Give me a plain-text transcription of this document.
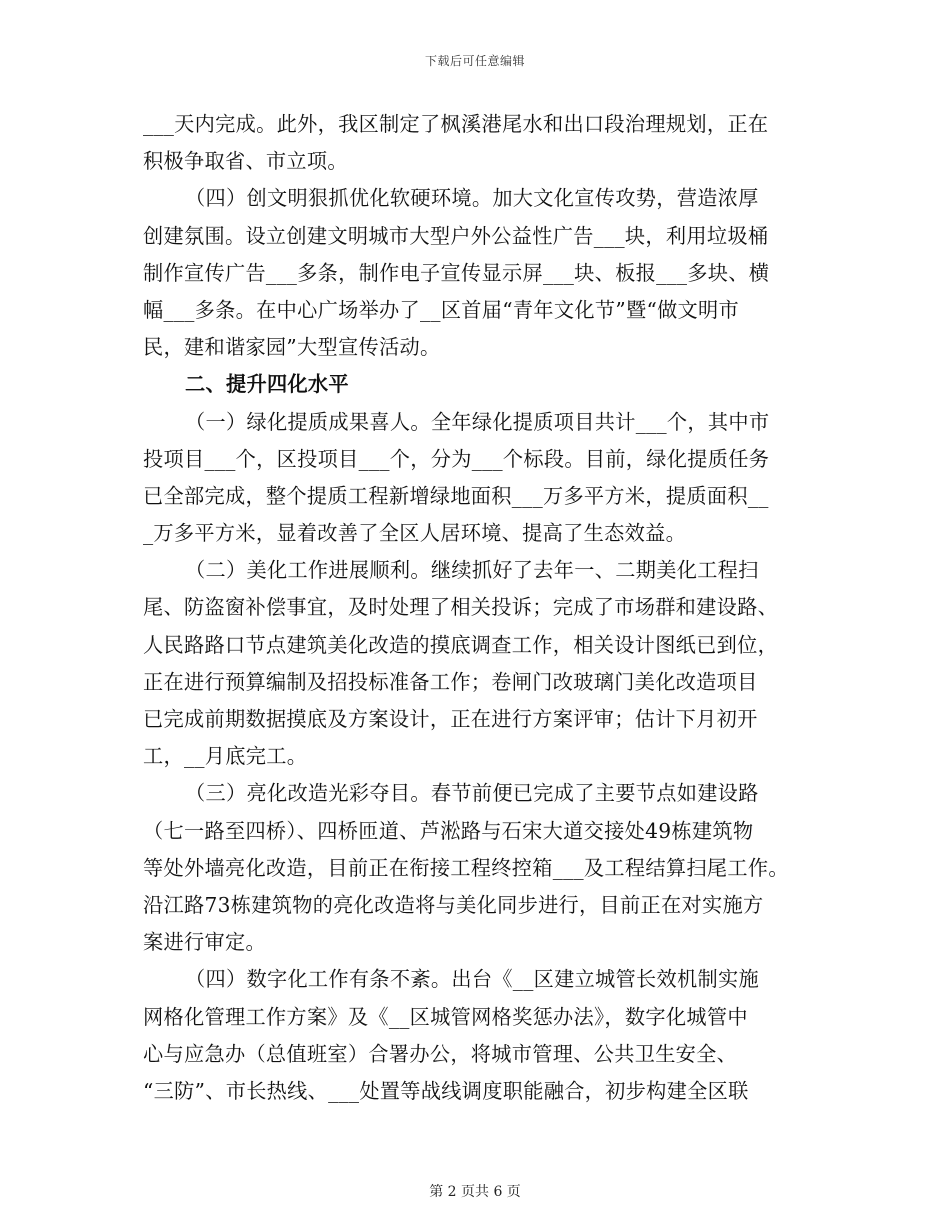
下载后可任意编辑
___天内完成。此外，我区制定了枫溪港尾水和出口段治理规划，正在
积极争取省、市立项。
（四）创文明狠抓优化软硬环境。加大文化宣传攻势，营造浓厚
创建氛围。设立创建文明城市大型户外公益性广告___块，利用垃圾桶
制作宣传广告___多条，制作电子宣传显示屏___块、板报___多块、横
幅___多条。在中心广场举办了__区首届“青年文化节”暨“做文明市
民，建和谐家园”大型宣传活动。
二、提升四化水平
（一）绿化提质成果喜人。全年绿化提质项目共计___个，其中市
投项目___个，区投项目___个，分为___个标段。目前，绿化提质任务
已全部完成，整个提质工程新增绿地面积___万多平方米，提质面积__
_万多平方米，显着改善了全区人居环境、提高了生态效益。
（二）美化工作进展顺利。继续抓好了去年一、二期美化工程扫
尾、防盗窗补偿事宜，及时处理了相关投诉；完成了市场群和建设路、
人民路路口节点建筑美化改造的摸底调查工作，相关设计图纸已到位，
正在进行预算编制及招投标准备工作；卷闸门改玻璃门美化改造项目
已完成前期数据摸底及方案设计，正在进行方案评审；估计下月初开
工，__月底完工。
（三）亮化改造光彩夺目。春节前便已完成了主要节点如建设路
（七一路至四桥）、四桥匝道、芦淞路与石宋大道交接处49栋建筑物
等处外墙亮化改造，目前正在衔接工程终控箱___及工程结算扫尾工作。
沿江路73栋建筑物的亮化改造将与美化同步进行，目前正在对实施方
案进行审定。
（四）数字化工作有条不紊。出台《__区建立城管长效机制实施
网格化管理工作方案》及《__区城管网格奖惩办法》，数字化城管中
心与应急办（总值班室）合署办公，将城市管理、公共卫生安全、
“三防”、市长热线、___处置等战线调度职能融合，初步构建全区联
第 2 页共 6 页
